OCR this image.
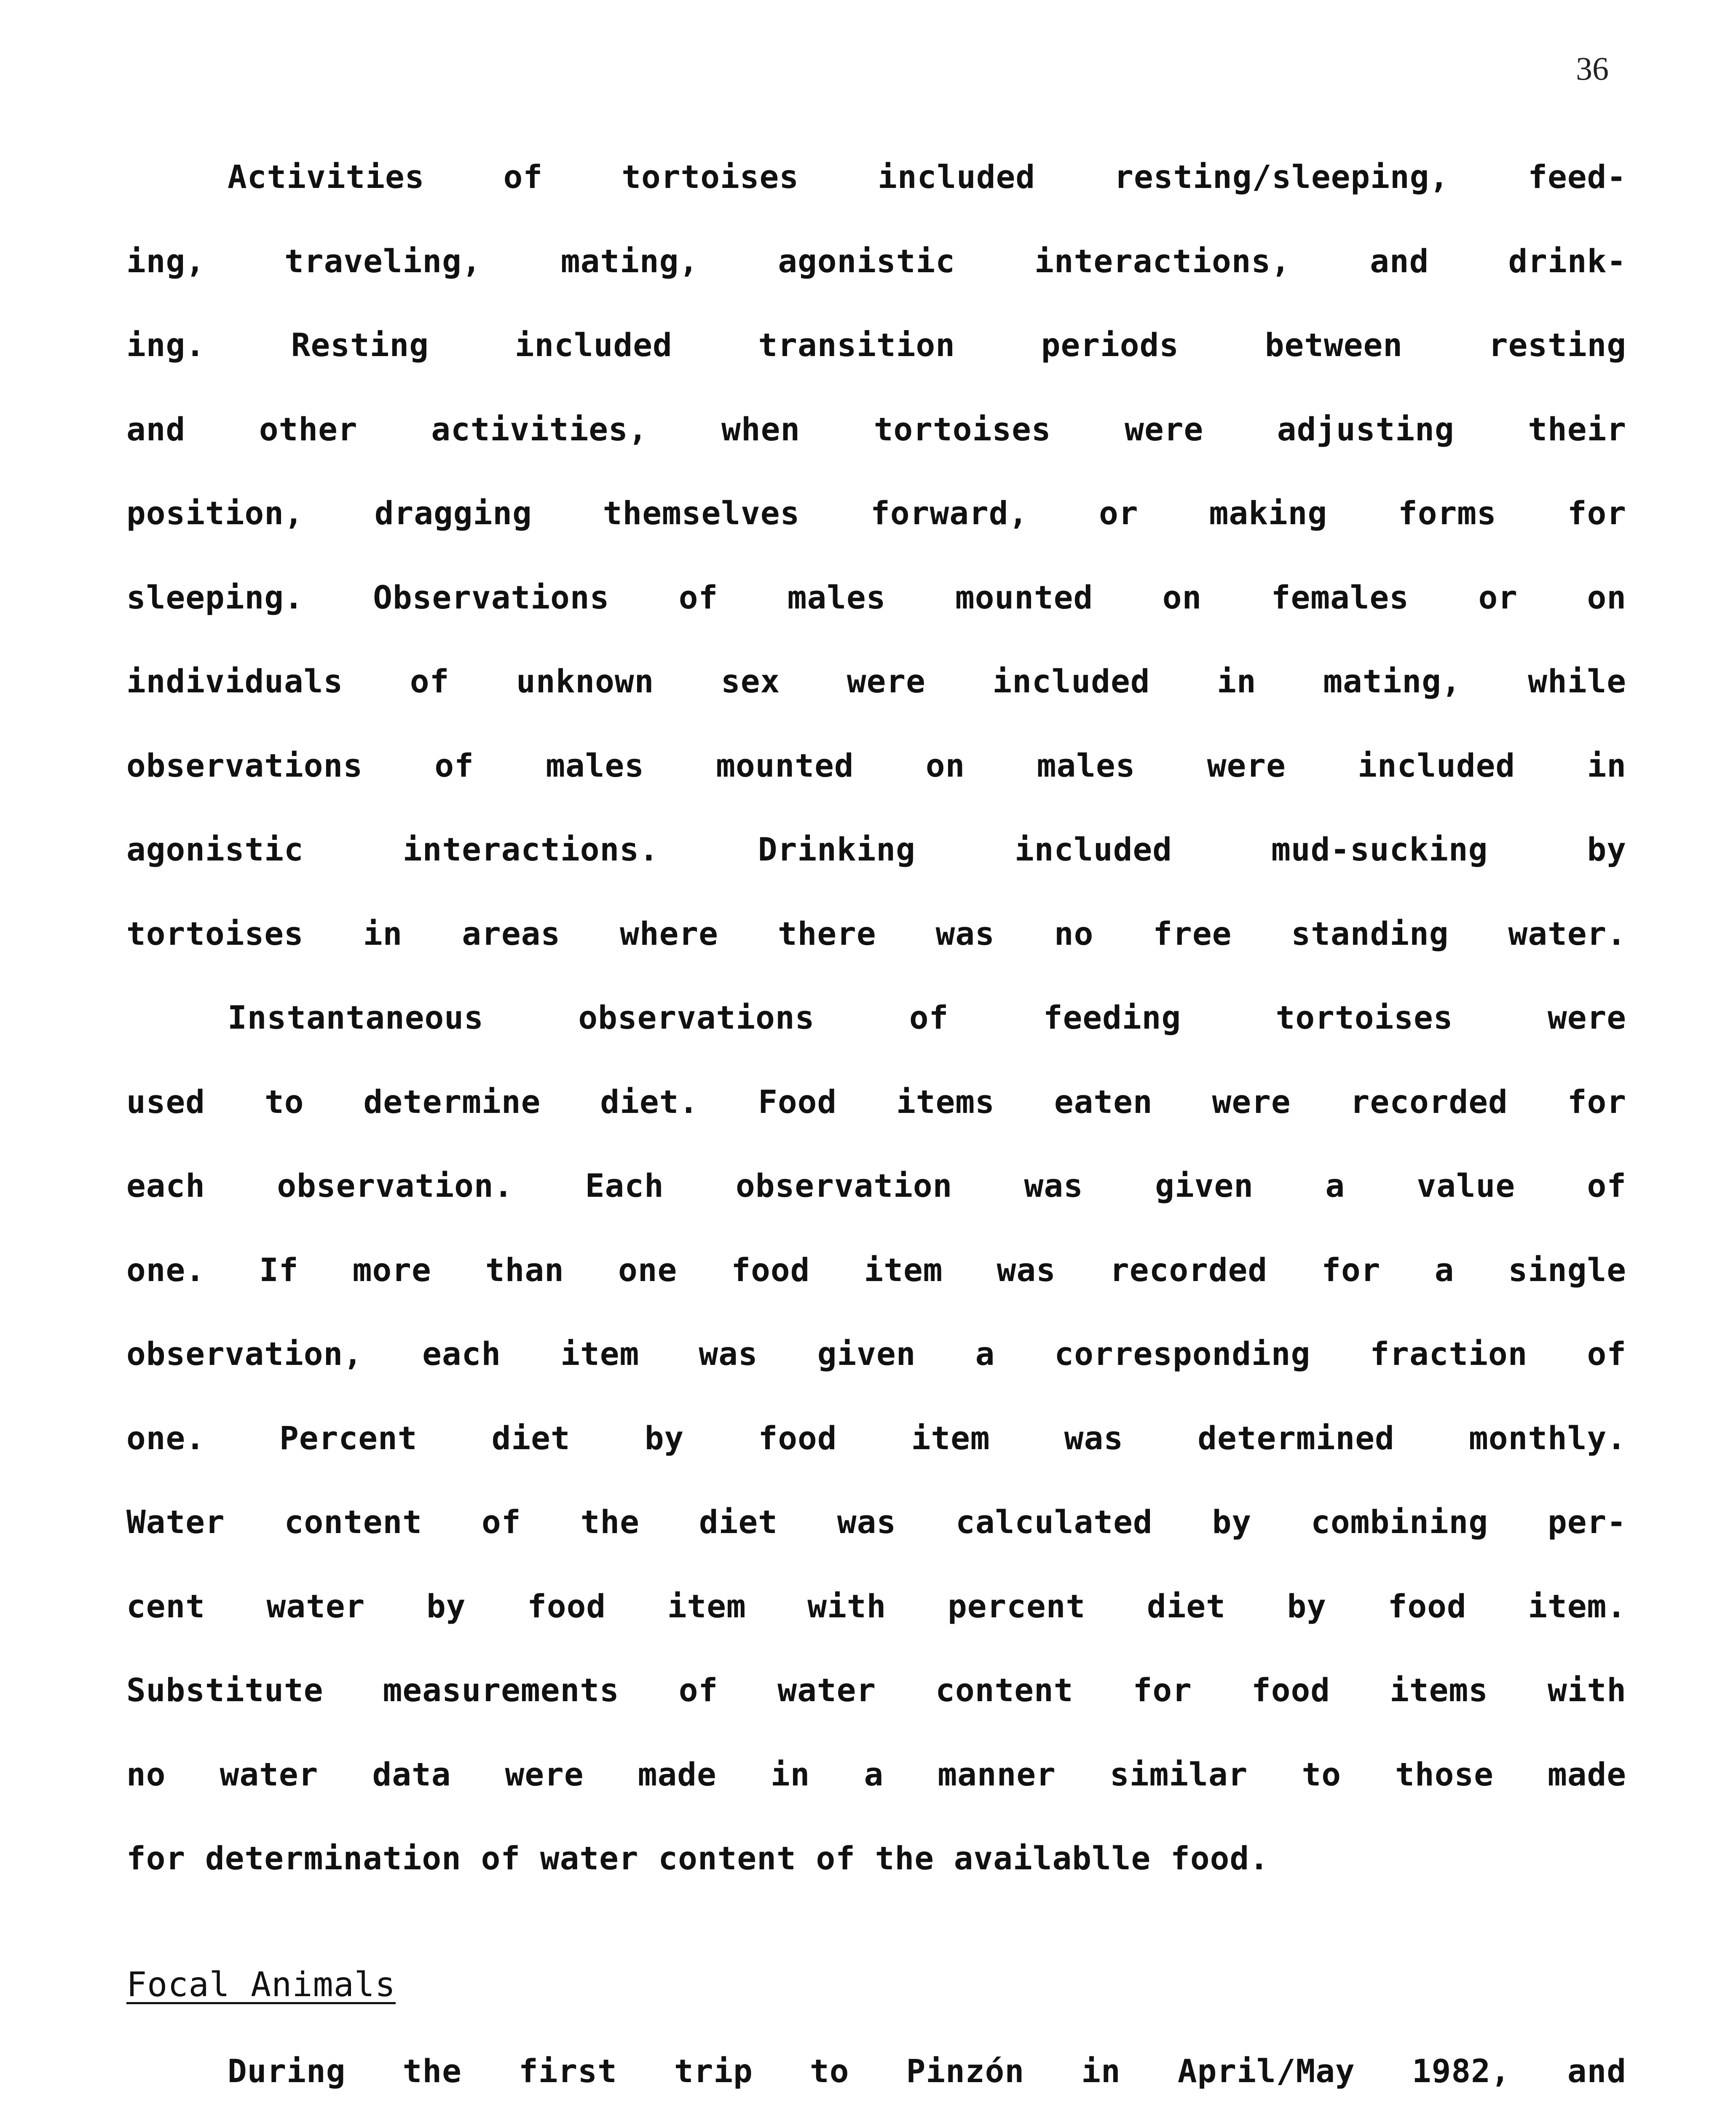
36
Activities of tortoises included resting/sleeping, feed-
ing, traveling, mating, agonistic interactions, and drink-
ing. Resting included transition periods between resting
and other activities, when tortoises were adjusting their
position, dragging themselves forward, or making forms for
sleeping. Observations of males mounted on females or on
individuals of unknown sex were included in mating, while
observations of males mounted on males were included in
agonistic interactions. Drinking included mud-sucking by
tortoises in areas where there was no free standing water.
Instantaneous observations of feeding tortoises were
used to determine diet. Food items eaten were recorded for
each observation. Each observation was given a value of
one. If more than one food item was recorded for a single
observation, each item was given a corresponding fraction of
one. Percent diet by food item was determined monthly.
Water content of the diet was calculated by combining per-
cent water by food item with percent diet by food item.
Substitute measurements of water content for food items with
no water data were made in a manner similar to those made
for determination of water content of the availablle food.
Focal Animals
During the first trip to Pinzón in April/May 1982, and
